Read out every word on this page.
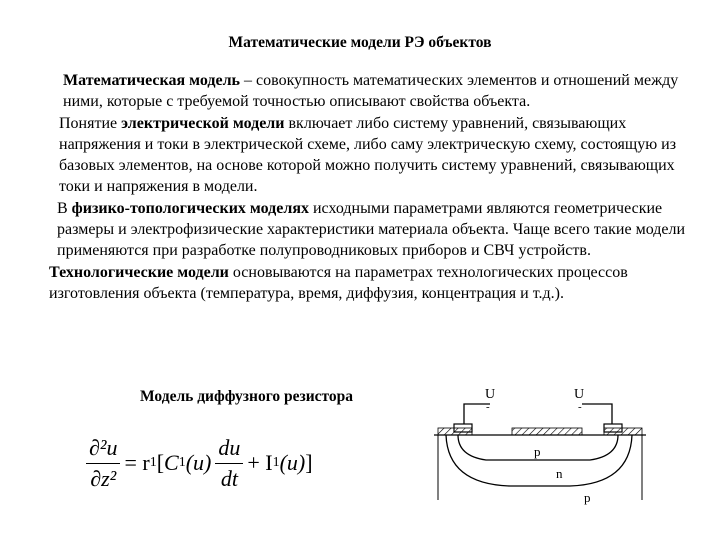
Математические модели РЭ объектов

Математическая модель – совокупность математических элементов и отношений между ними, которые с требуемой точностью описывают свойства объекта.

Понятие электрической модели включает либо систему уравнений, связывающих напряжения и токи в электрической схеме, либо саму электрическую схему, состоящую из базовых элементов, на основе которой можно получить систему уравнений, связывающих токи и напряжения в модели.

В физико-топологических моделях исходными параметрами являются геометрические размеры и электрофизические характеристики материала объекта. Чаще всего такие модели применяются при разработке полупроводниковых приборов и СВЧ устройств.

Технологические модели основываются на параметрах технологических процессов изготовления объекта (температура, время, диффузия, концентрация и т.д.).

Модель диффузного резистора
$\frac{\text{∂²u}}{\text{∂z²}} = r$ 1 [ C 1 $(u) \frac{du}{dt} + I$ 1 (u) ]
U
-
U
-
p
n
p
